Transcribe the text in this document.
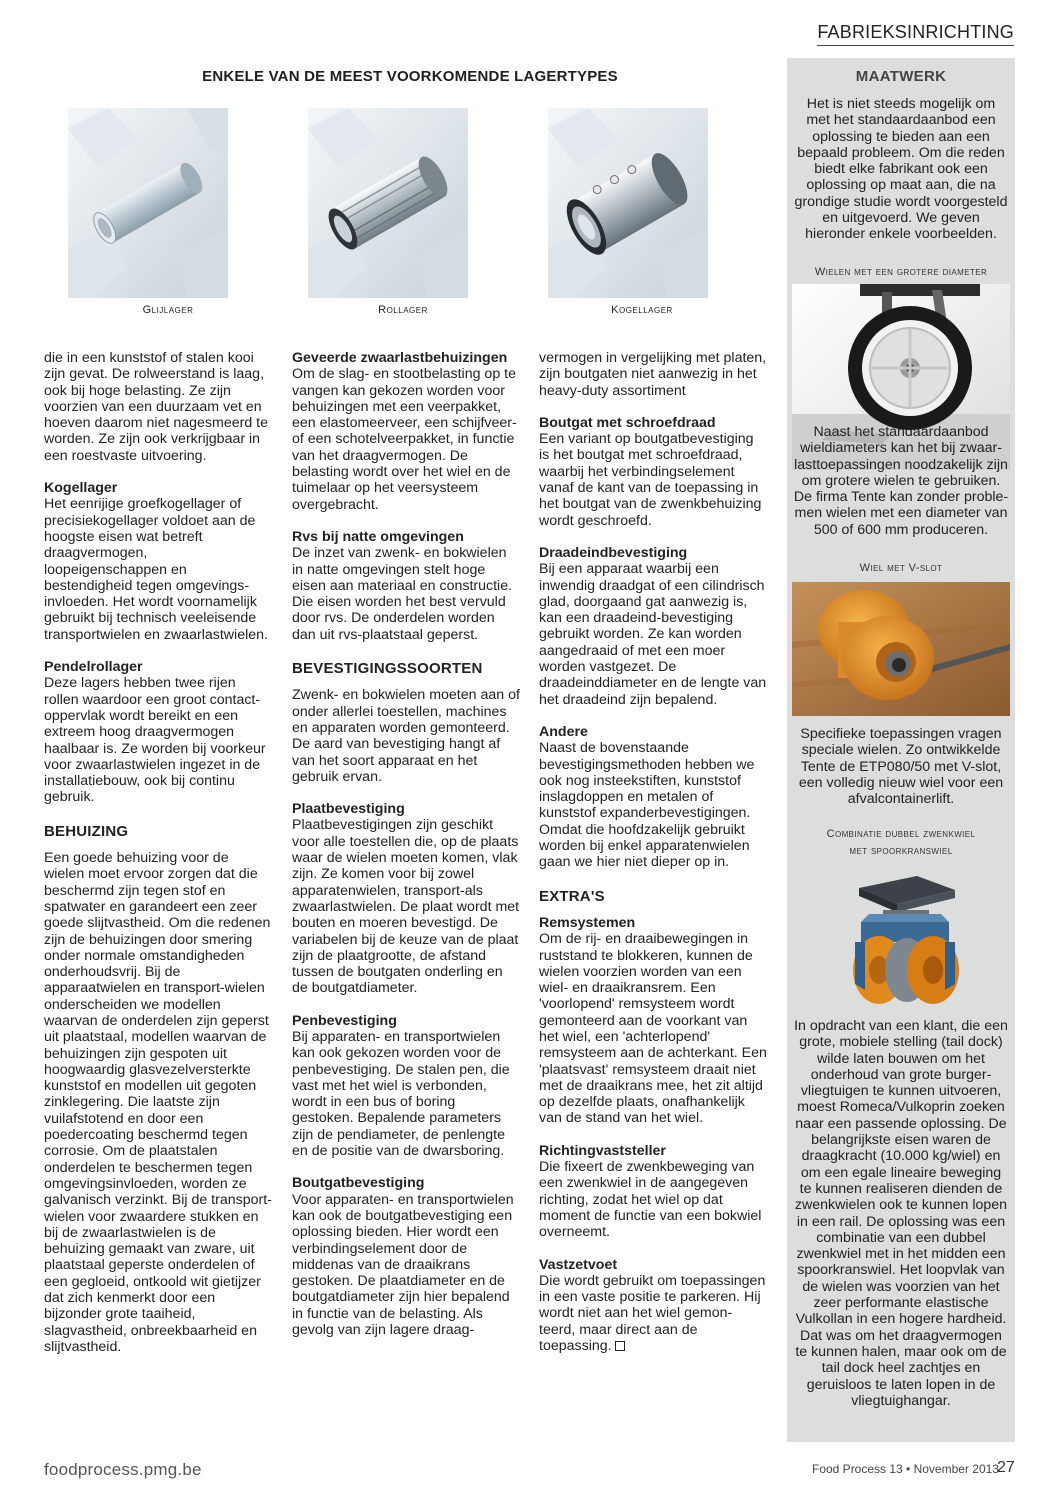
FABRIEKSINRICHTING
ENKELE VAN DE MEEST VOORKOMENDE LAGERTYPES
Glijlager	Rollager	Kogellager

die in een kunststof of stalen kooi zijn gevat. De rolweerstand is laag, ook bij hoge belasting. Ze zijn voorzien van een duurzaam vet en hoeven daarom niet nagesmeerd te worden. Ze zijn ook verkrijgbaar in een roestvaste uitvoering.

Kogellager

Het eenrijige groefkogellager of precisiekogellager voldoet aan de hoogste eisen wat betreft draagvermogen, loopeigenschappen en bestendigheid tegen omgevings-invloeden. Het wordt voornamelijk gebruikt bij technisch veeleisende transportwielen en zwaarlastwielen.

Pendelrollager

Deze lagers hebben twee rijen rollen waardoor een groot contact-oppervlak wordt bereikt en een extreem hoog draagvermogen haalbaar is. Ze worden bij voorkeur voor zwaarlastwielen ingezet in de installatiebouw, ook bij continu gebruik.

BEHUIZING

Een goede behuizing voor de wielen moet ervoor zorgen dat die beschermd zijn tegen stof en spatwater en garandeert een zeer goede slijtvastheid. Om die redenen zijn de behuizingen door smering onder normale omstandigheden onderhoudsvrij. Bij de apparaatwielen en transport-wielen onderscheiden we modellen waarvan de onderdelen zijn geperst uit plaatstaal, modellen waarvan de behuizingen zijn gespoten uit hoogwaardig glasvezelversterkte kunststof en modellen uit gegoten zinklegering. Die laatste zijn vuilafstotend en door een poedercoating beschermd tegen corrosie. Om de plaatstalen onderdelen te beschermen tegen omgevingsinvloeden, worden ze galvanisch verzinkt. Bij de transport-wielen voor zwaardere stukken en bij de zwaarlastwielen is de behuizing gemaakt van zware, uit plaatstaal geperste onderdelen of een gegloeid, ontkoold wit gietijzer dat zich kenmerkt door een bijzonder grote taaiheid, slagvastheid, onbreekbaarheid en slijtvastheid.

Geveerde zwaarlastbehuizingen

Om de slag- en stootbelasting op te vangen kan gekozen worden voor behuizingen met een veerpakket, een elastomeerveer, een schijfveer-of een schotelveerpakket, in functie van het draagvermogen. De belasting wordt over het wiel en de tuimelaar op het veersysteem overgebracht.

Rvs bij natte omgevingen

De inzet van zwenk- en bokwielen in natte omgevingen stelt hoge eisen aan materiaal en constructie. Die eisen worden het best vervuld door rvs. De onderdelen worden dan uit rvs-plaatstaal geperst.

BEVESTIGINGSSOORTEN

Zwenk- en bokwielen moeten aan of onder allerlei toestellen, machines en apparaten worden gemonteerd. De aard van bevestiging hangt af van het soort apparaat en het gebruik ervan.

Plaatbevestiging

Plaatbevestigingen zijn geschikt voor alle toestellen die, op de plaats waar de wielen moeten komen, vlak zijn. Ze komen voor bij zowel apparatenwielen, transport-als zwaarlastwielen. De plaat wordt met bouten en moeren bevestigd. De variabelen bij de keuze van de plaat zijn de plaatgrootte, de afstand tussen de boutgaten onderling en de boutgatdiameter.

Penbevestiging

Bij apparaten- en transportwielen kan ook gekozen worden voor de penbevestiging. De stalen pen, die vast met het wiel is verbonden, wordt in een bus of boring gestoken. Bepalende parameters zijn de pendiameter, de penlengte en de positie van de dwarsboring.

Boutgatbevestiging

Voor apparaten- en transportwielen kan ook de boutgatbevestiging een oplossing bieden. Hier wordt een verbindingselement door de middenas van de draaikrans gestoken. De plaatdiameter en de boutgatdiameter zijn hier bepalend in functie van de belasting. Als gevolg van zijn lagere draag-

vermogen in vergelijking met platen, zijn boutgaten niet aanwezig in het heavy-duty assortiment

Boutgat met schroefdraad

Een variant op boutgatbevestiging is het boutgat met schroefdraad, waarbij het verbindingselement vanaf de kant van de toepassing in het boutgat van de zwenkbehuizing wordt geschroefd.

Draadeindbevestiging

Bij een apparaat waarbij een inwendig draadgat of een cilindrisch glad, doorgaand gat aanwezig is, kan een draadeind-bevestiging gebruikt worden. Ze kan worden aangedraaid of met een moer worden vastgezet. De draadeinddiameter en de lengte van het draadeind zijn bepalend.

Andere

Naast de bovenstaande bevestigingsmethoden hebben we ook nog insteekstiften, kunststof inslagdoppen en metalen of kunststof expanderbevestigingen. Omdat die hoofdzakelijk gebruikt worden bij enkel apparatenwielen gaan we hier niet dieper op in.

EXTRA'S

Remsystemen

Om de rij- en draaibewegingen in ruststand te blokkeren, kunnen de wielen voorzien worden van een wiel- en draaikransrem. Een 'voorlopend' remsysteem wordt gemonteerd aan de voorkant van het wiel, een 'achterlopend' remsysteem aan de achterkant. Een 'plaatsvast' remsysteem draait niet met de draaikrans mee, het zit altijd op dezelfde plaats, onafhankelijk van de stand van het wiel.

Richtingvaststeller

Die fixeert de zwenkbeweging van een zwenkwiel in de aangegeven richting, zodat het wiel op dat moment de functie van een bokwiel overneemt.

Vastzetvoet

Die wordt gebruikt om toepassingen in een vaste positie te parkeren. Hij wordt niet aan het wiel gemon-teerd, maar direct aan de toepassing.

MAATWERK
Het is niet steeds mogelijk om met het standaardaanbod een oplossing te bieden aan een bepaald probleem. Om die reden biedt elke fabrikant ook een oplossing op maat aan, die na grondige studie wordt voorgesteld en uitgevoerd. We geven hieronder enkele voorbeelden.
Wielen met een grotere diameter
Naast het standaardaanbod wieldiameters kan het bij zwaar-lasttoepassingen noodzakelijk zijn om grotere wielen te gebruiken. De firma Tente kan zonder proble-men wielen met een diameter van 500 of 600 mm produceren.
Wiel met V-slot
Specifieke toepassingen vragen speciale wielen. Zo ontwikkelde Tente de ETP080/50 met V-slot, een volledig nieuw wiel voor een afvalcontainerlift.
Combinatie dubbel zwenkwiel
met spoorkranswiel
In opdracht van een klant, die een grote, mobiele stelling (tail dock) wilde laten bouwen om het onderhoud van grote burger-vliegtuigen te kunnen uitvoeren, moest Romeca/Vulkoprin zoeken naar een passende oplossing. De belangrijkste eisen waren de draagkracht (10.000 kg/wiel) en om een egale lineaire beweging te kunnen realiseren dienden de zwenkwielen ook te kunnen lopen in een rail. De oplossing was een combinatie van een dubbel zwenkwiel met in het midden een spoorkranswiel. Het loopvlak van de wielen was voorzien van het zeer performante elastische Vulkollan in een hogere hardheid. Dat was om het draagvermogen te kunnen halen, maar ook om de tail dock heel zachtjes en geruisloos te laten lopen in de vliegtuighangar.
foodprocess.pmg.be	Food Process 13 • November 2013
27
